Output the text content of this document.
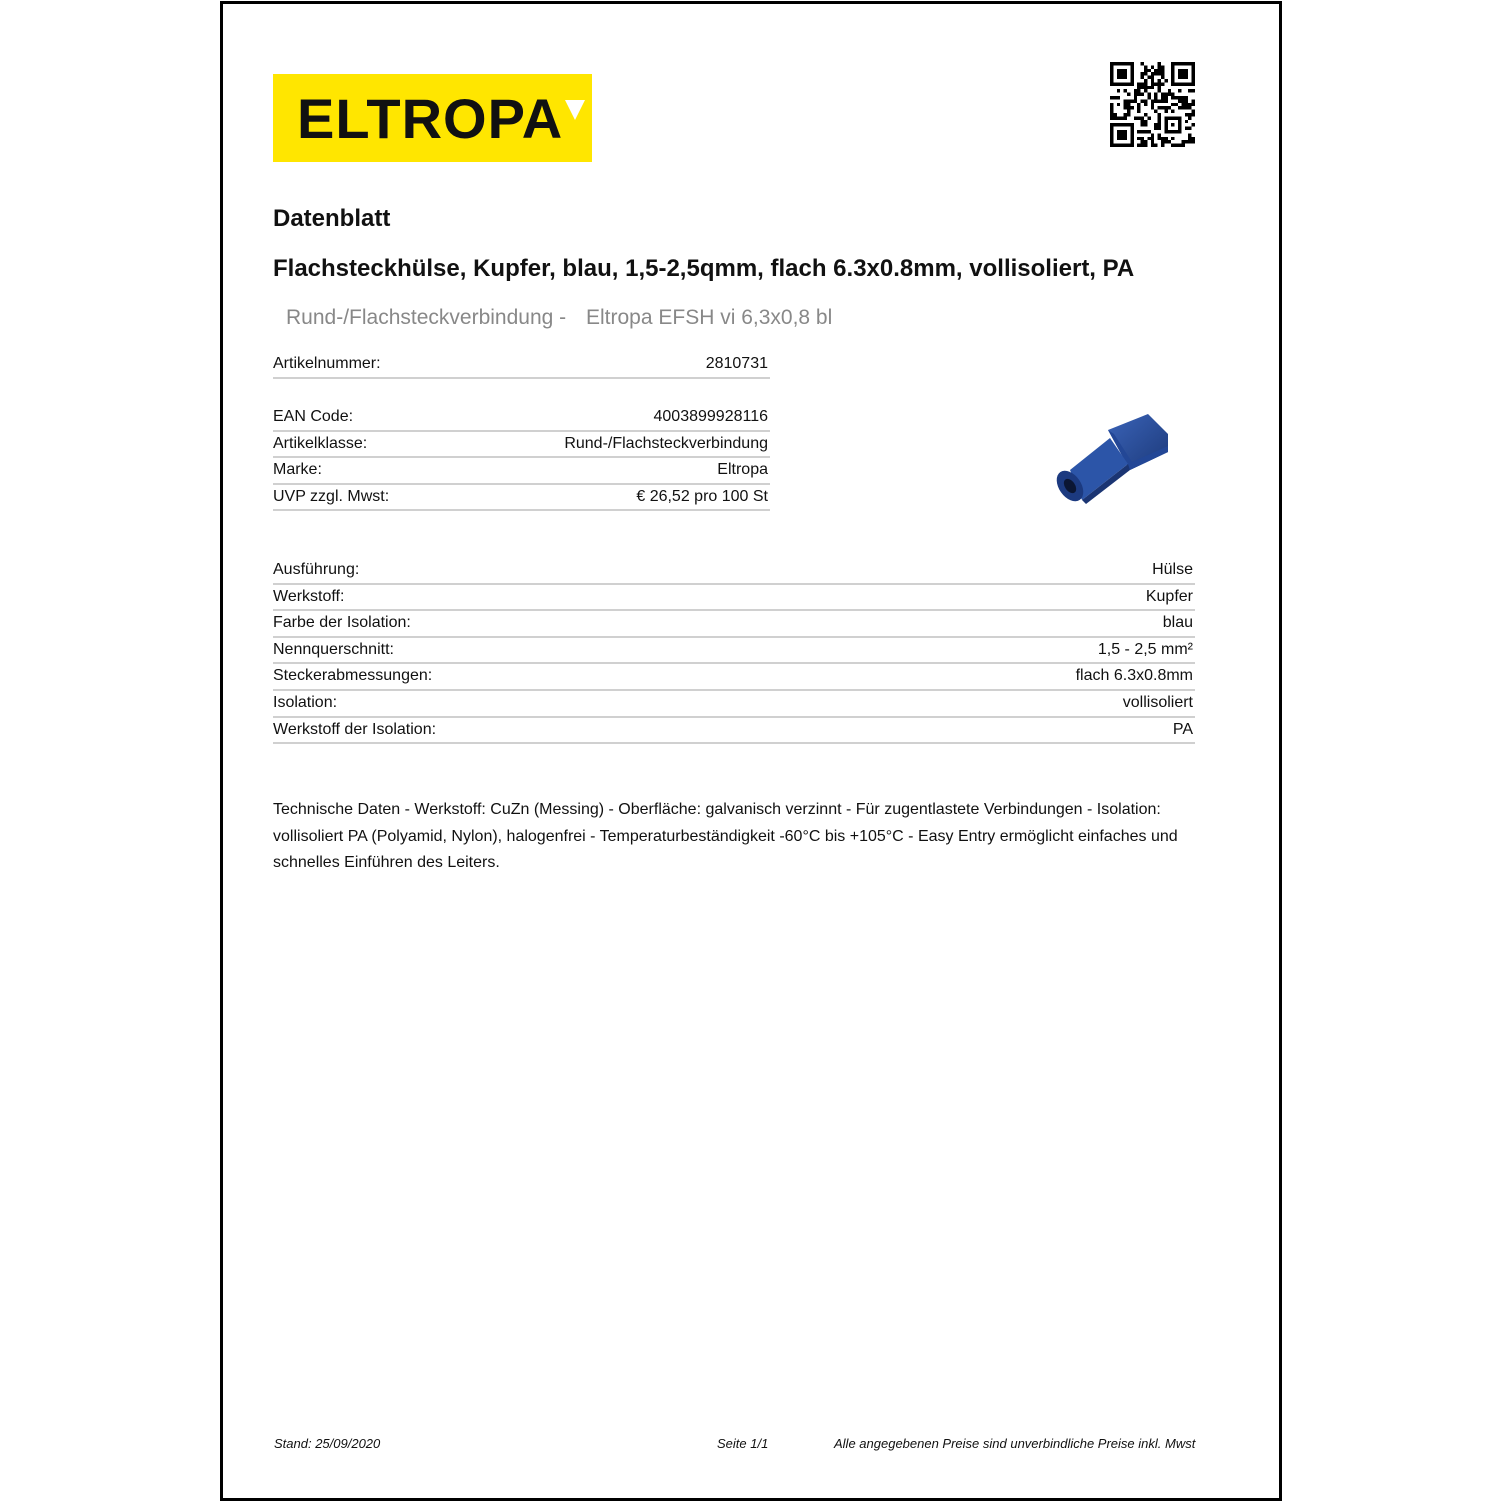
ELTROPA
Datenblatt
Flachsteckhülse, Kupfer, blau, 1,5-2,5qmm, flach 6.3x0.8mm, vollisoliert, PA
Rund-/Flachsteckverbindung - Eltropa EFSH vi 6,3x0,8 bl
Artikelnummer:	2810731
EAN Code:	4003899928116
Artikelklasse:	Rund-/Flachsteckverbindung
Marke:	Eltropa
UVP zzgl. Mwst:	€ 26,52 pro 100 St
Ausführung:	Hülse
Werkstoff:	Kupfer
Farbe der Isolation:	blau
Nennquerschnitt:	1,5 - 2,5 mm²
Steckerabmessungen:	flach 6.3x0.8mm
Isolation:	vollisoliert
Werkstoff der Isolation:	PA
Technische Daten - Werkstoff: CuZn (Messing) - Oberfläche: galvanisch verzinnt - Für zugentlastete Verbindungen - Isolation: vollisoliert PA (Polyamid, Nylon), halogenfrei - Temperaturbeständigkeit -60°C bis +105°C - Easy Entry ermöglicht einfaches und schnelles Einführen des Leiters.
Stand: 25/09/2020	Seite 1/1	Alle angegebenen Preise sind unverbindliche Preise inkl. Mwst
